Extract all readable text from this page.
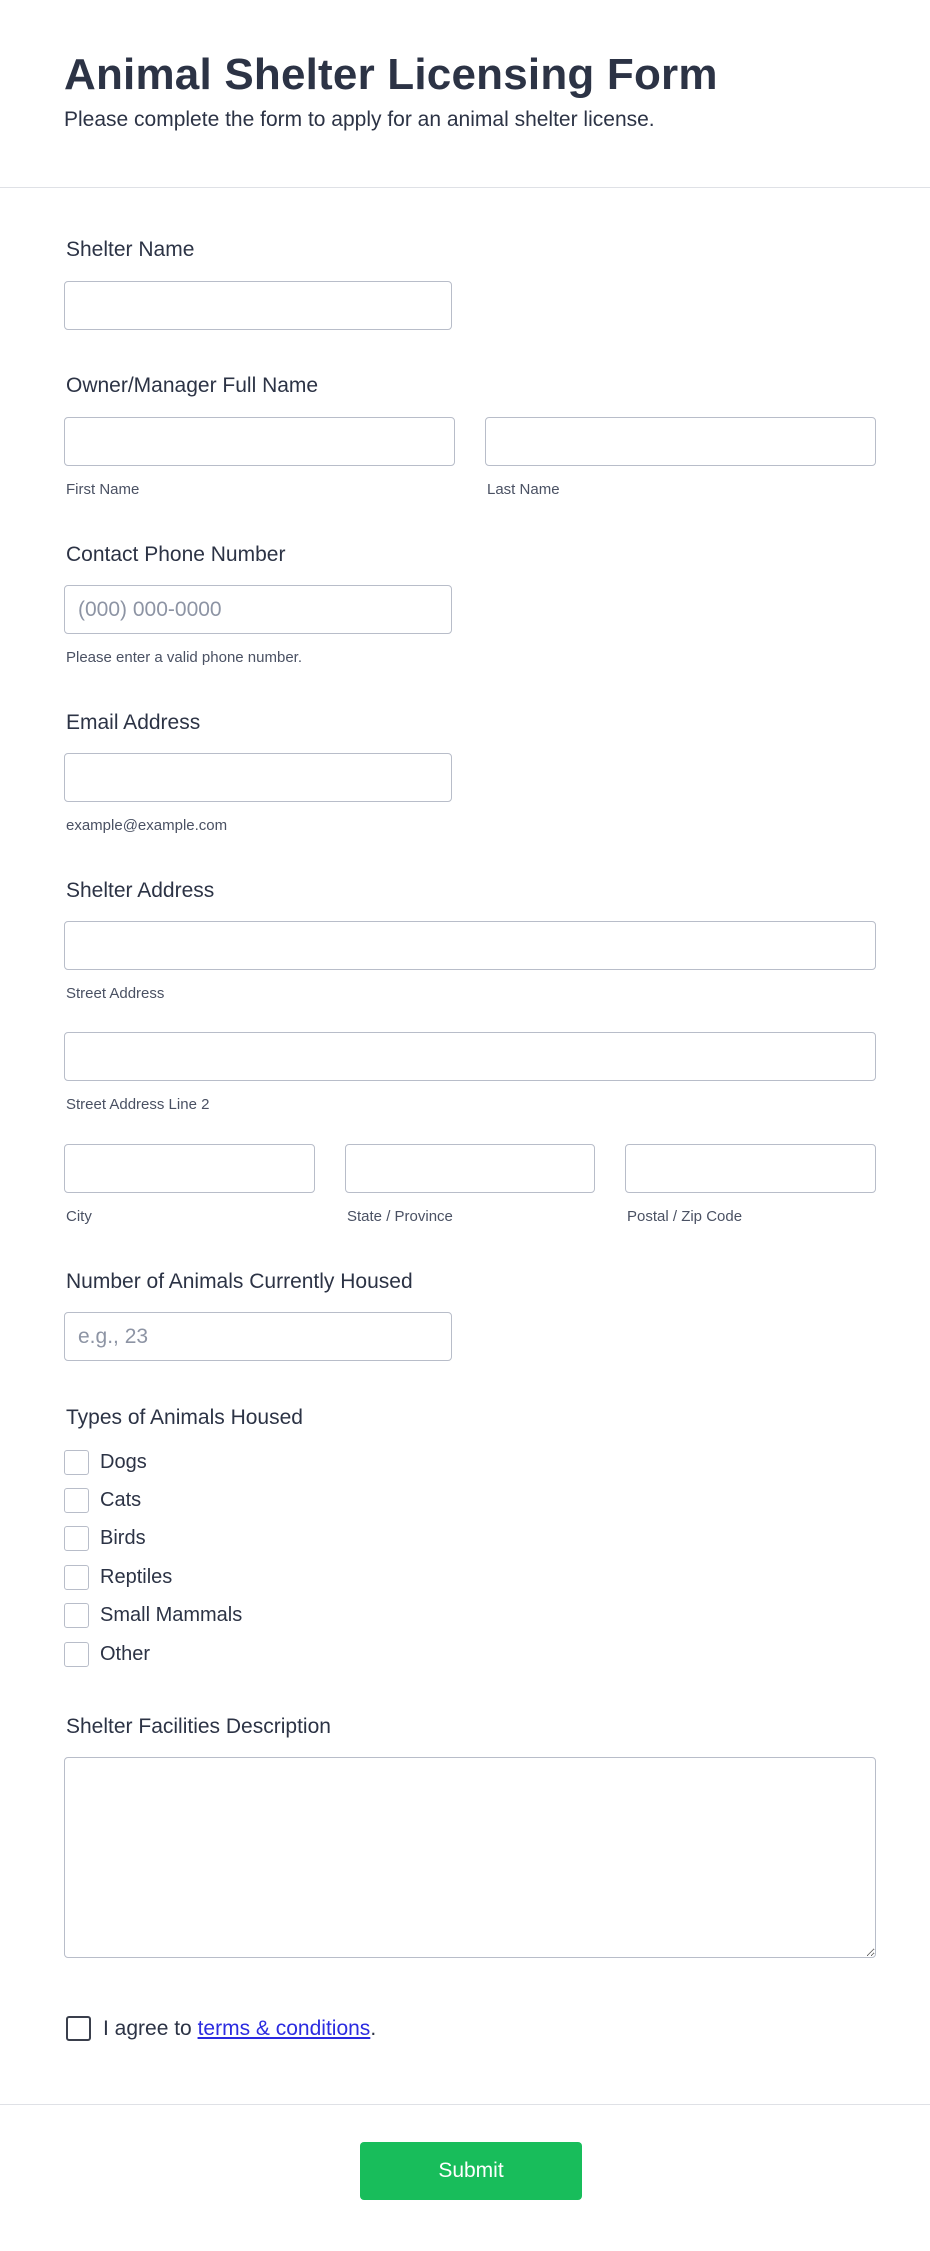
Animal Shelter Licensing Form

Please complete the form to apply for an animal shelter license.

Shelter Name
Owner/Manager Full Name
First Name	Last Name
Contact Phone Number
(000) 000-0000
Please enter a valid phone number.
Email Address
example@example.com
Shelter Address
Street Address
Street Address Line 2
City	State / Province	Postal / Zip Code
Number of Animals Currently Housed
e.g., 23
Types of Animals Housed
Dogs
Cats
Birds
Reptiles
Small Mammals
Other
Shelter Facilities Description
I agree to terms & conditions.
Submit
